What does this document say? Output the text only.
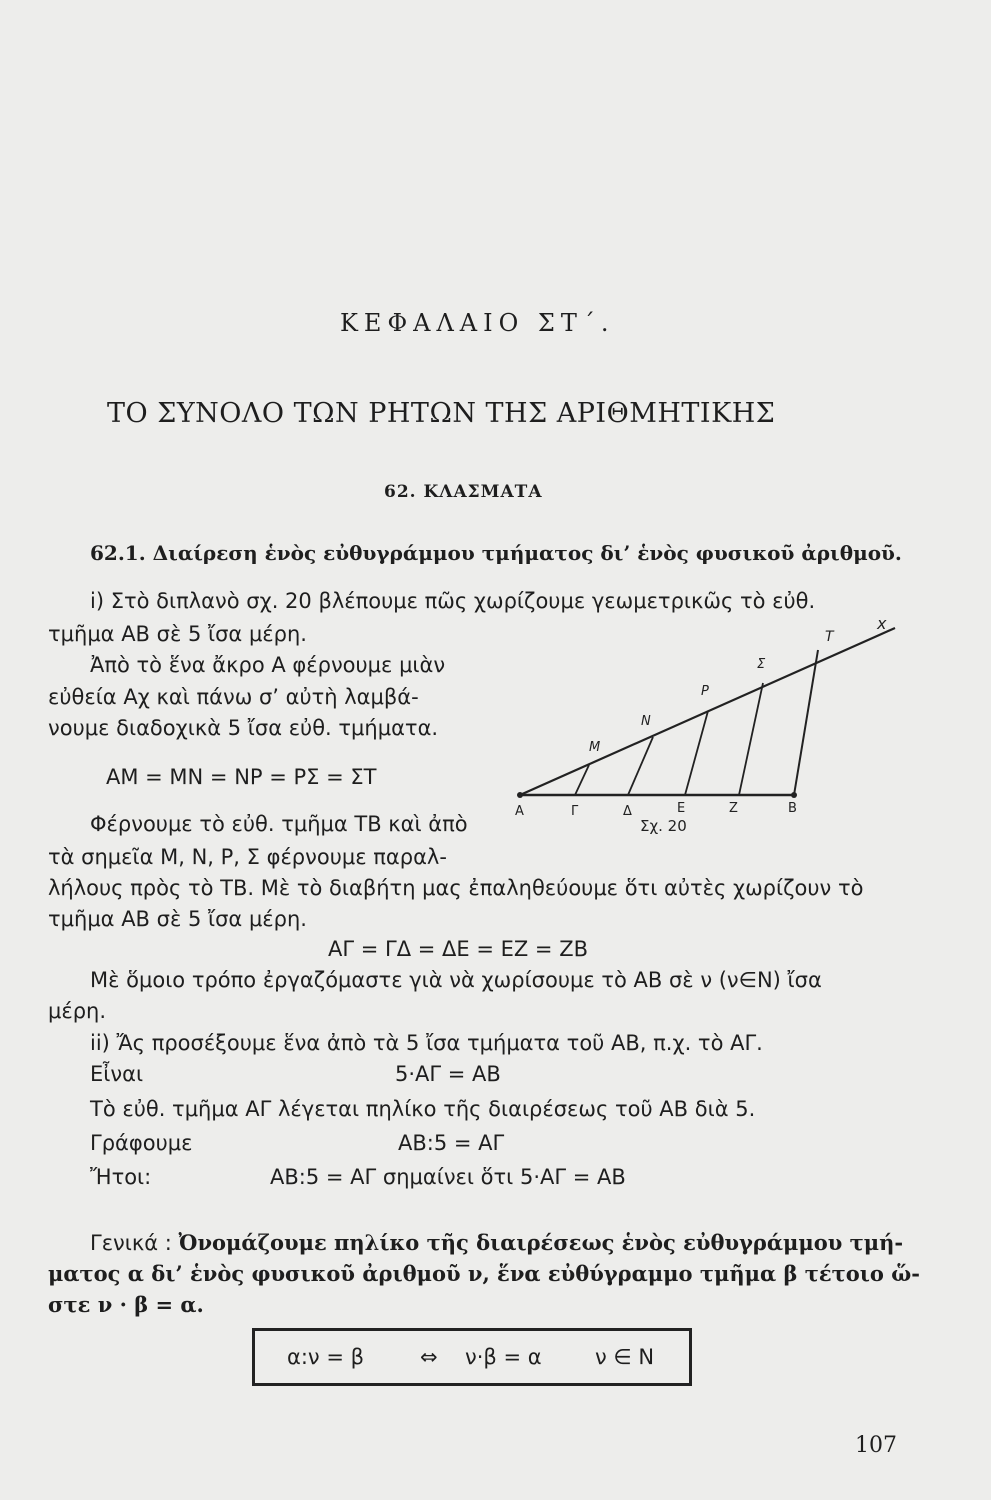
ΚΕΦΑΛΑΙΟ ΣΤ΄.
ΤΟ ΣΥΝΟΛΟ ΤΩΝ ΡΗΤΩΝ ΤΗΣ ΑΡΙΘΜΗΤΙΚΗΣ
62. ΚΛΑΣΜΑΤΑ
62.1. Διαίρεση ἑνὸς εὐθυγράμμου τμήματος δι’ ἑνὸς φυσικοῦ ἀριθμοῦ.
i) Στὸ διπλανὸ σχ. 20 βλέπουμε πῶς χωρίζουμε γεωμετρικῶς τὸ εὐθ.
τμῆμα ΑΒ σὲ 5 ἴσα μέρη.
Ἀπὸ τὸ ἕνα ἄκρο Α φέρνουμε μιὰν
εὐθεία Αχ καὶ πάνω σ’ αὐτὴ λαμβά-
νουμε διαδοχικὰ 5 ἴσα εὐθ. τμήματα.
ΑΜ = ΜΝ = ΝΡ = ΡΣ = ΣΤ
Φέρνουμε τὸ εὐθ. τμῆμα ΤΒ καὶ ἀπὸ
τὰ σημεῖα Μ, Ν, Ρ, Σ φέρνουμε παραλ-
λήλους πρὸς τὸ ΤΒ. Μὲ τὸ διαβήτη μας ἐπαληθεύουμε ὅτι αὐτὲς χωρίζουν τὸ
τμῆμα ΑΒ σὲ 5 ἴσα μέρη.
ΑΓ = ΓΔ = ΔΕ = ΕΖ = ΖΒ
Μὲ ὅμοιο τρόπο ἐργαζόμαστε γιὰ νὰ χωρίσουμε τὸ ΑΒ σὲ ν (ν∈Ν) ἴσα
μέρη.
ii) Ἄς προσέξουμε ἕνα ἀπὸ τὰ 5 ἴσα τμήματα τοῦ ΑΒ, π.χ. τὸ ΑΓ.
Εἶναι	5·ΑΓ = ΑΒ
Τὸ εὐθ. τμῆμα ΑΓ λέγεται πηλίκο τῆς διαιρέσεως τοῦ ΑΒ διὰ 5.
Γράφουμε	ΑΒ:5 = ΑΓ
Ἤτοι:	ΑΒ:5 = ΑΓ σημαίνει ὅτι 5·ΑΓ = ΑΒ
Γενικά : Ὀνομάζουμε πηλίκο τῆς διαιρέσεως ἑνὸς εὐθυγράμμου τμή-
ματος α δι’ ἑνὸς φυσικοῦ ἀριθμοῦ ν, ἕνα εὐθύγραμμο τμῆμα β τέτοιο ὥ-
στε ν · β = α.
α:ν = β	⇔ ν·β = α	ν ∈ Ν
107
Α	Γ	Δ	Ε	Ζ	Β
Μ
Ν
Ρ
Σ
Τ
x
Σχ. 20
